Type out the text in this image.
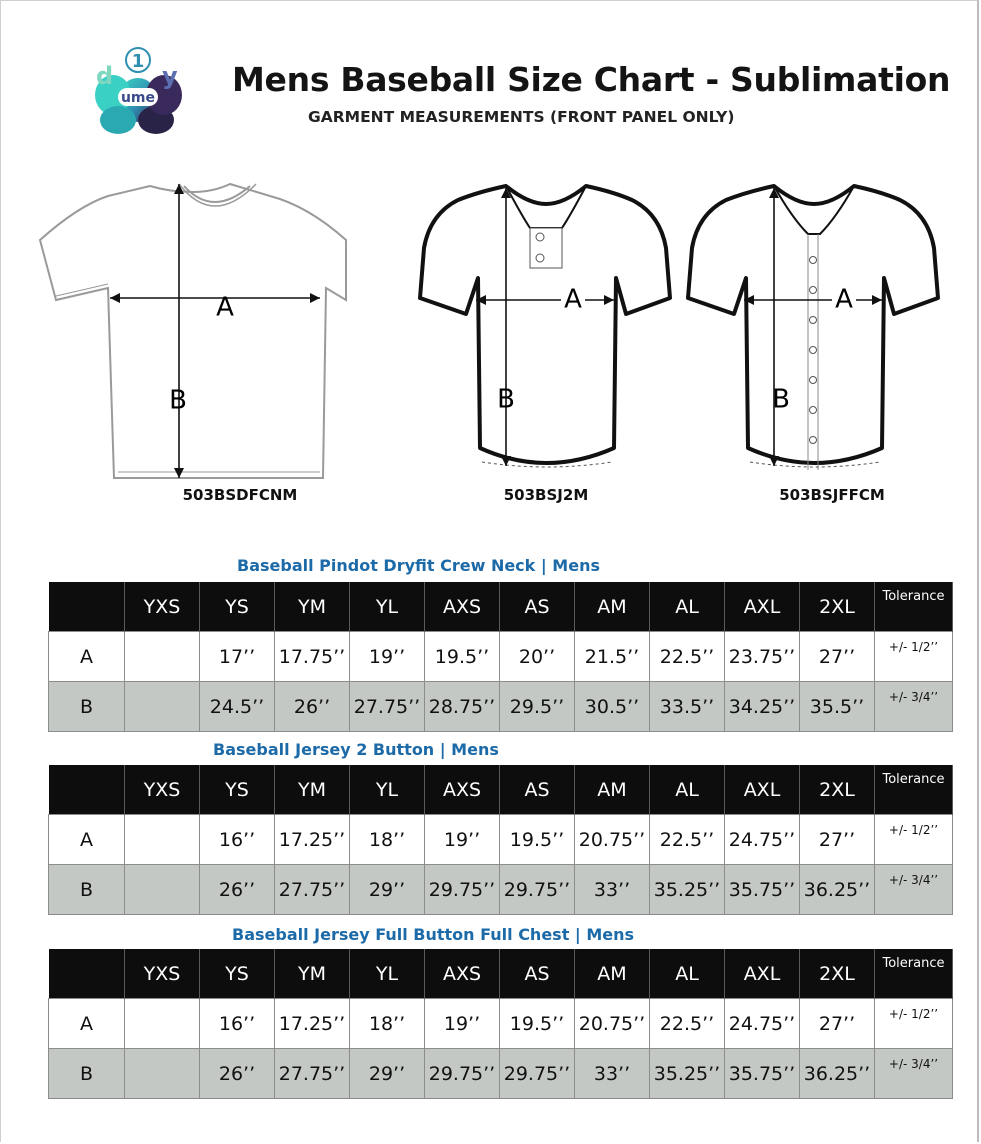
1
d y
ume Mens Baseball Size Chart - Sublimation
GARMENT MEASUREMENTS (FRONT PANEL ONLY)
A
B
503BSDFCNM
A
B
503BSJ2M
A
B
503BSJFFCM
Baseball Pindot Dryfit Crew Neck | Mens
	YXS	YS	YM	YL	AXS	AS	AM	AL	AXL	2XL	Tolerance
A		17’’	17.75’’	19’’	19.5’’	20’’	21.5’’	22.5’’	23.75’’	27’’	+/- 1/2’’
B		24.5’’	26’’	27.75’’	28.75’’	29.5’’	30.5’’	33.5’’	34.25’’	35.5’’	+/- 3/4’’
Baseball Jersey 2 Button | Mens
	YXS	YS	YM	YL	AXS	AS	AM	AL	AXL	2XL	Tolerance
A		16’’	17.25’’	18’’	19’’	19.5’’	20.75’’	22.5’’	24.75’’	27’’	+/- 1/2’’
B		26’’	27.75’’	29’’	29.75’’	29.75’’	33’’	35.25’’	35.75’’	36.25’’	+/- 3/4’’
Baseball Jersey Full Button Full Chest | Mens
	YXS	YS	YM	YL	AXS	AS	AM	AL	AXL	2XL	Tolerance
A		16’’	17.25’’	18’’	19’’	19.5’’	20.75’’	22.5’’	24.75’’	27’’	+/- 1/2’’
B		26’’	27.75’’	29’’	29.75’’	29.75’’	33’’	35.25’’	35.75’’	36.25’’	+/- 3/4’’
